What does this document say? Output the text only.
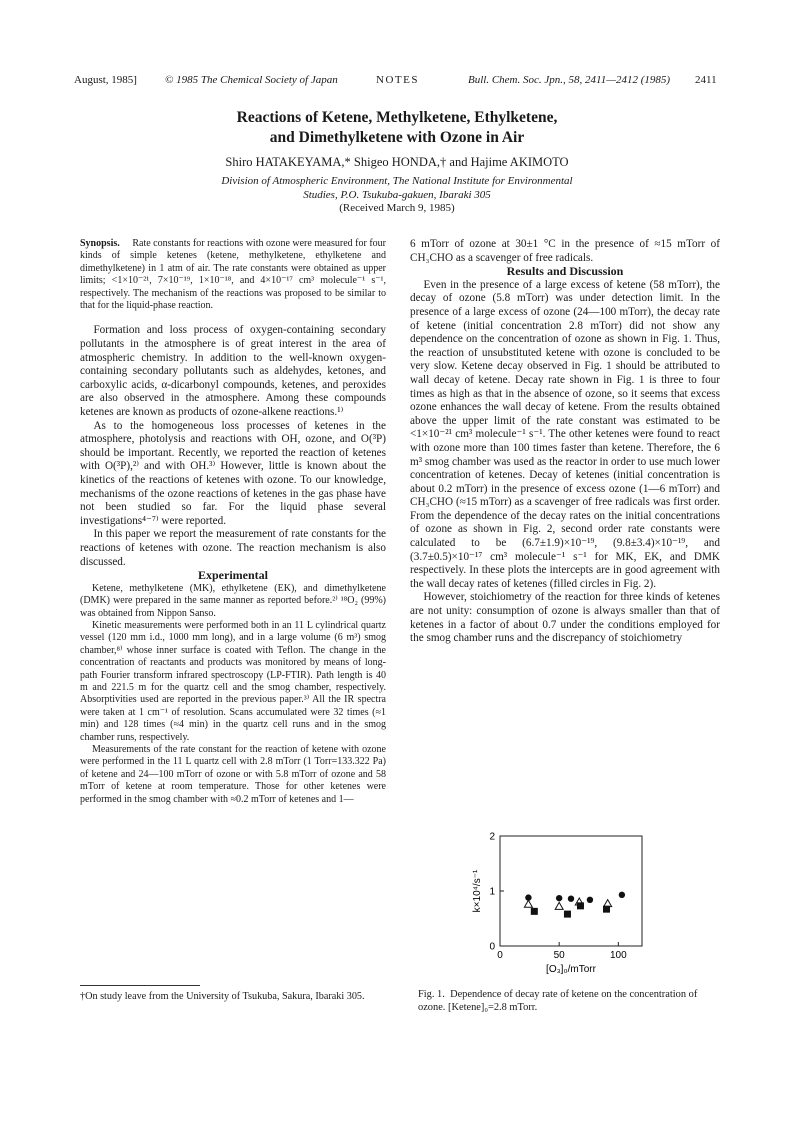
August, 1985]	© 1985 The Chemical Society of Japan	NOTES	Bull. Chem. Soc. Jpn., 58, 2411—2412 (1985) 2411
Reactions of Ketene, Methylketene, Ethylketene,
and Dimethylketene with Ozone in Air
Shiro HATAKEYAMA,* Shigeo HONDA,† and Hajime AKIMOTO
Division of Atmospheric Environment, The National Institute for Environmental
Studies, P.O. Tsukuba-gakuen, Ibaraki 305
(Received March 9, 1985)

Synopsis. Rate constants for reactions with ozone were measured for four kinds of simple ketenes (ketene, methylketene, ethylketene and dimethylketene) in 1 atm of air. The rate constants were obtained as upper limits; <1×10⁻²¹, 7×10⁻¹⁹, 1×10⁻¹⁸, and 4×10⁻¹⁷ cm³ molecule⁻¹ s⁻¹, respectively. The mechanism of the reactions was proposed to be similar to that for the liquid-phase reaction.

Formation and loss process of oxygen-containing secondary pollutants in the atmosphere is of great interest in the area of atmospheric chemistry. In addition to the well-known oxygen-containing secondary pollutants such as aldehydes, ketones, and carboxylic acids, α-dicarbonyl compounds, ketenes, and peroxides are also observed in the atmosphere. Among these compounds ketenes are known as products of ozone-alkene reactions.¹⁾

As to the homogeneous loss processes of ketenes in the atmosphere, photolysis and reactions with OH, ozone, and O(³P) should be important. Recently, we reported the reaction of ketenes with O(³P),²⁾ and with OH.³⁾ However, little is known about the kinetics of the reactions of ketenes with ozone. To our knowledge, mechanisms of the ozone reactions of ketenes in the gas phase have not been studied so far. For the liquid phase several investigations⁴⁻⁷⁾ were reported.

In this paper we report the measurement of rate constants for the reactions of ketenes with ozone. The reaction mechanism is also discussed.

Experimental

Ketene, methylketene (MK), ethylketene (EK), and dimethylketene (DMK) were prepared in the same manner as reported before.²⁾ ¹⁸O₂ (99%) was obtained from Nippon Sanso.

Kinetic measurements were performed both in an 11 L cylindrical quartz vessel (120 mm i.d., 1000 mm long), and in a large volume (6 m³) smog chamber,⁸⁾ whose inner surface is coated with Teflon. The change in the concentration of reactants and products was monitored by means of long-path Fourier transform infrared spectroscopy (LP-FTIR). Path length is 40 m and 221.5 m for the quartz cell and the smog chamber, respectively. Absorptivities used are reported in the previous paper.³⁾ All the IR spectra were taken at 1 cm⁻¹ of resolution. Scans accumulated were 32 times (≈1 min) and 128 times (≈4 min) in the quartz cell runs and in the smog chamber runs, respectively.

Measurements of the rate constant for the reaction of ketene with ozone were performed in the 11 L quartz cell with 2.8 mTorr (1 Torr=133.322 Pa) of ketene and 24—100 mTorr of ozone or with 5.8 mTorr of ozone and 58 mTorr of ketene at room temperature. Those for other ketenes were performed in the smog chamber with ≈0.2 mTorr of ketenes and 1—

6 mTorr of ozone at 30±1 °C in the presence of ≈15 mTorr of CH₃CHO as a scavenger of free radicals.

Results and Discussion

Even in the presence of a large excess of ketene (58 mTorr), the decay of ozone (5.8 mTorr) was under detection limit. In the presence of a large excess of ozone (24—100 mTorr), the decay rate of ketene (initial concentration 2.8 mTorr) did not show any dependence on the concentration of ozone as shown in Fig. 1. Thus, the reaction of unsubstituted ketene with ozone is concluded to be very slow. Ketene decay observed in Fig. 1 should be attributed to wall decay of ketene. Decay rate shown in Fig. 1 is three to four times as high as that in the absence of ozone, so it seems that excess ozone enhances the wall decay of ketene. From the results obtained above the upper limit of the rate constant was estimated to be <1×10⁻²¹ cm³ molecule⁻¹ s⁻¹. The other ketenes were found to react with ozone more than 100 times faster than ketene. Therefore, the 6 m³ smog chamber was used as the reactor in order to use much lower concentration of ketenes. Decay of ketenes (initial concentration is about 0.2 mTorr) in the presence of excess ozone (1—6 mTorr) and CH₃CHO (≈15 mTorr) as a scavenger of free radicals was first order. From the dependence of the decay rates on the initial concentrations of ozone as shown in Fig. 2, second order rate constants were calculated to be (6.7±1.9)×10⁻¹⁹, (9.8±3.4)×10⁻¹⁹, and (3.7±0.5)×10⁻¹⁷ cm³ molecule⁻¹ s⁻¹ for MK, EK, and DMK respectively. In these plots the intercepts are in good agreement with the wall decay rates of ketenes (filled circles in Fig. 2).

However, stoichiometry of the reaction for three kinds of ketenes are not unity: consumption of ozone is always smaller than that of ketenes in a factor of about 0.7 under the conditions employed for the smog chamber runs and the discrepancy of stoichiometry

0	50	100
0
1
2
[O₃]₀/mTorr
k×10⁴/s⁻¹
Fig. 1. Dependence of decay rate of ketene on the concentration of ozone. [Ketene]₀=2.8 mTorr.
†On study leave from the University of Tsukuba, Sakura, Ibaraki 305.
